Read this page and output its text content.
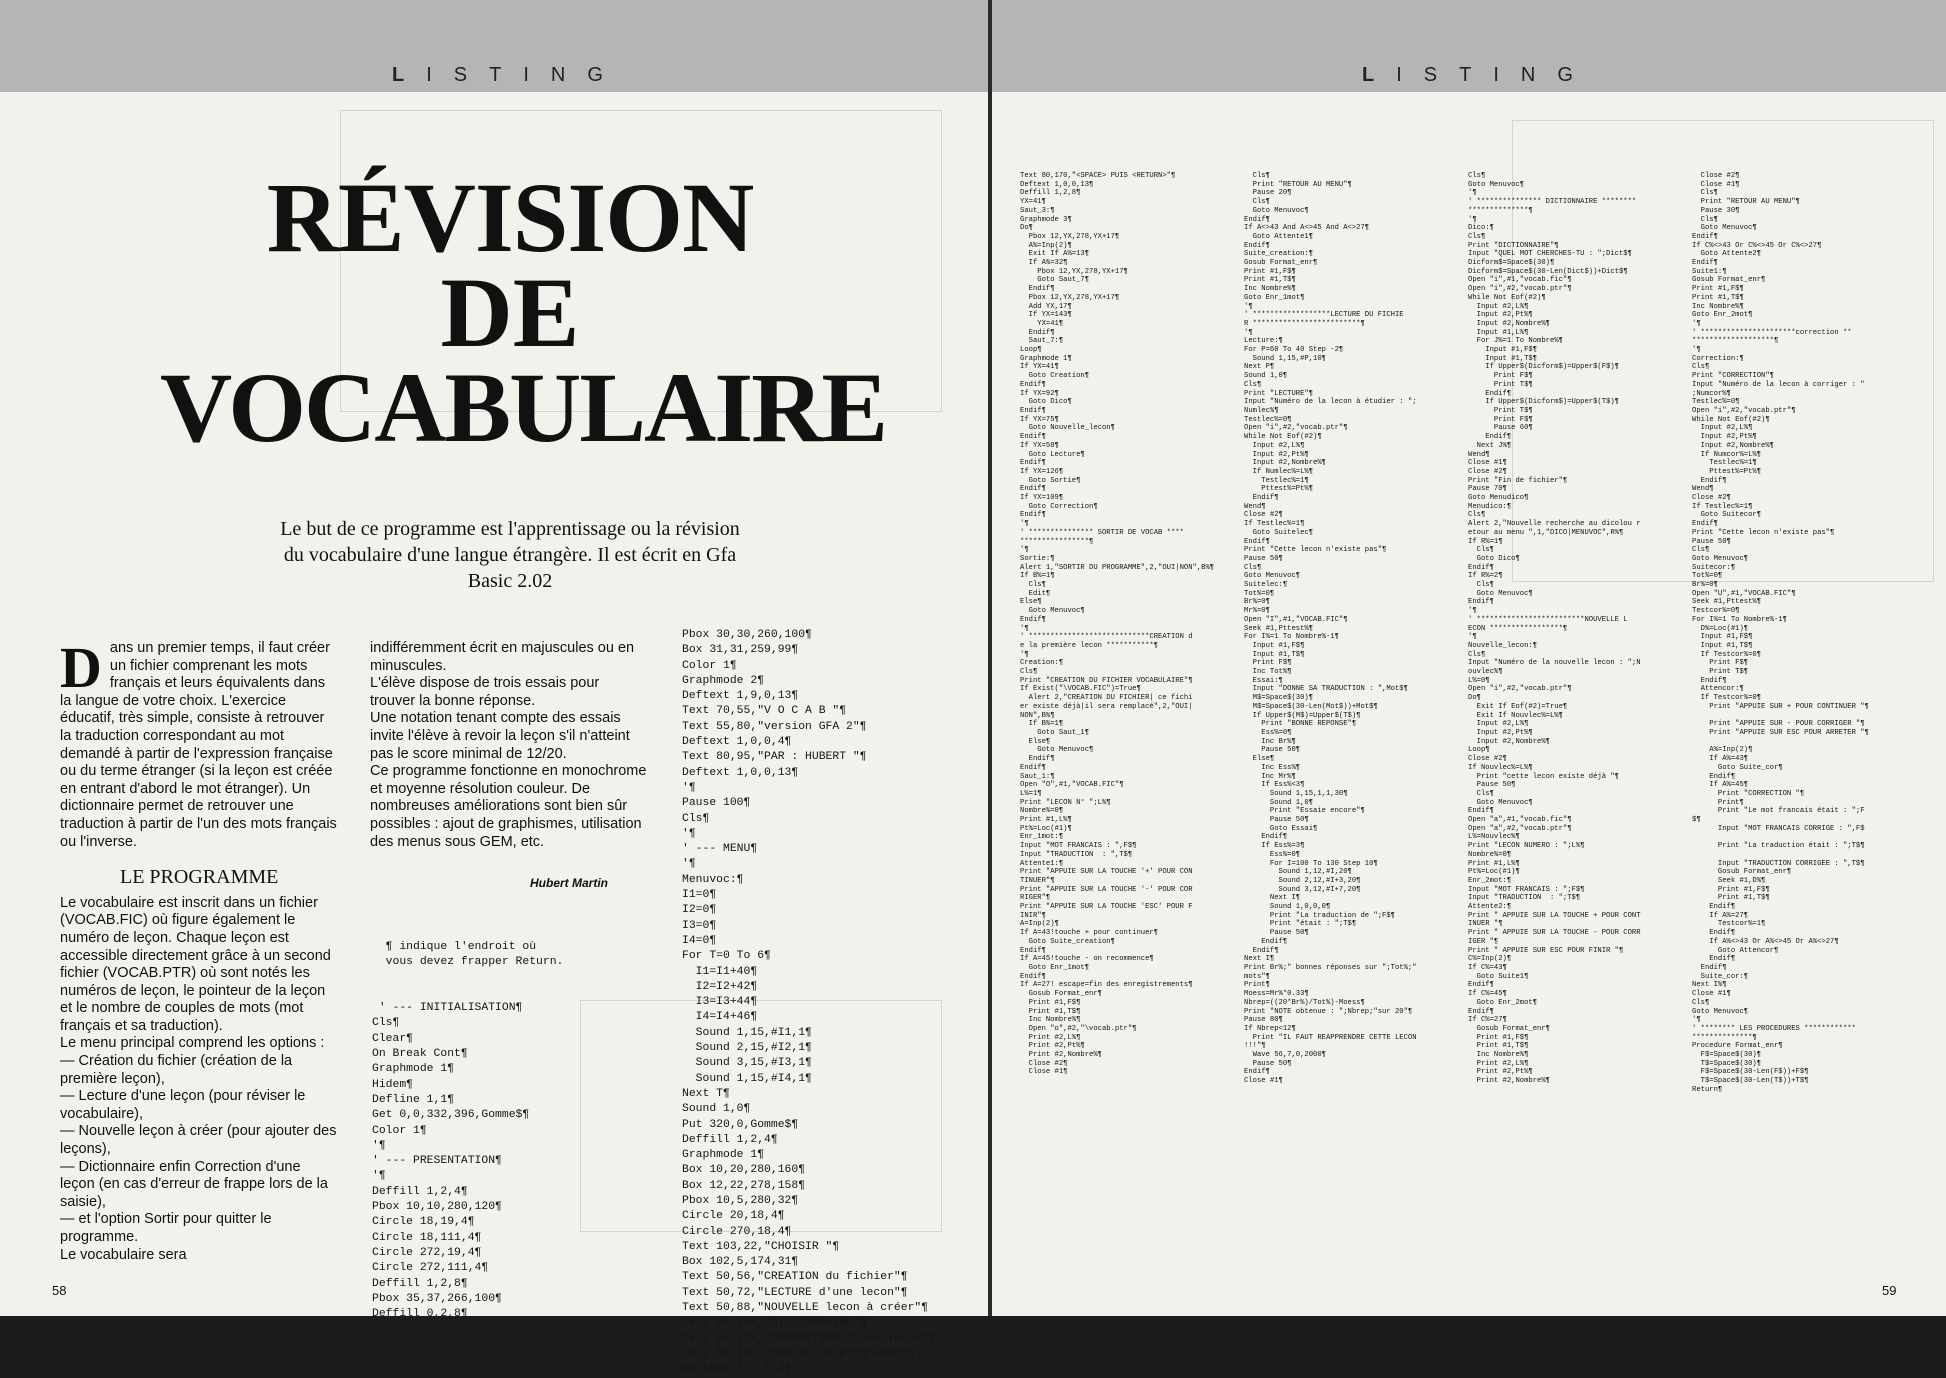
LISTING
RÉVISION
DE
VOCABULAIRE
Le but de ce programme est l'apprentissage ou la révision du vocabulaire d'une langue étrangère. Il est écrit en Gfa Basic 2.02

Dans un premier temps, il faut créer un fichier comprenant les mots français et leurs équivalents dans la langue de votre choix. L'exercice éducatif, très simple, consiste à retrouver la traduction correspondant au mot demandé à partir de l'expression française ou du terme étranger (si la leçon est créée en entrant d'abord le mot étranger). Un dictionnaire permet de retrouver une traduction à partir de l'un des mots français ou l'inverse.

LE PROGRAMME

Le vocabulaire est inscrit dans un fichier (VOCAB.FIC) où figure également le numéro de leçon. Chaque leçon est accessible directement grâce à un second fichier (VOCAB.PTR) où sont notés les numéros de leçon, le pointeur de la leçon et le nombre de couples de mots (mot français et sa traduction).

Le menu principal comprend les options :

— Création du fichier (création de la première leçon),

— Lecture d'une leçon (pour réviser le vocabulaire),

— Nouvelle leçon à créer (pour ajouter des leçons),

— Dictionnaire enfin Correction d'une leçon (en cas d'erreur de frappe lors de la saisie),

— et l'option Sortir pour quitter le programme.

Le vocabulaire sera

indifféremment écrit en majuscules ou en minuscules.

L'élève dispose de trois essais pour trouver la bonne réponse.

Une notation tenant compte des essais invite l'élève à revoir la leçon s'il n'atteint pas le score minimal de 12/20.

Ce programme fonctionne en monochrome et moyenne résolution couleur. De nombreuses améliorations sont bien sûr possibles : ajout de graphismes, utilisation des menus sous GEM, etc.

Hubert Martin
¶ indique l'endroit où
vous devez frapper Return.

' --- INITIALISATION¶
Cls¶
Clear¶
On Break Cont¶
Graphmode 1¶
Hidem¶
Defline 1,1¶
Get 0,0,332,396,Gomme$¶
Color 1¶
'¶
' --- PRESENTATION¶
'¶
Deffill 1,2,4¶
Pbox 10,10,280,120¶
Circle 18,19,4¶
Circle 18,111,4¶
Circle 272,19,4¶
Circle 272,111,4¶
Deffill 1,2,8¶
Pbox 35,37,266,100¶
Deffill 0,2,8¶
Pbox 30,30,260,100¶
Box 31,31,259,99¶
Color 1¶
Graphmode 2¶
Deftext 1,9,0,13¶
Text 70,55,"V O C A B "¶
Text 55,80,"version GFA 2"¶
Deftext 1,0,0,4¶
Text 80,95,"PAR : HUBERT "¶
Deftext 1,0,0,13¶
'¶
Pause 100¶
Cls¶
'¶
' --- MENU¶
'¶
Menuvoc:¶
I1=0¶
I2=0¶
I3=0¶
I4=0¶
For T=0 To 6¶
I1=I1+40¶
I2=I2+42¶
I3=I3+44¶
I4=I4+46¶
Sound 1,15,#I1,1¶
Sound 2,15,#I2,1¶
Sound 3,15,#I3,1¶
Sound 1,15,#I4,1¶
Next T¶
Sound 1,0¶
Put 320,0,Gomme$¶
Deffill 1,2,4¶
Graphmode 1¶
Box 10,20,280,160¶
Box 12,22,278,158¶
Pbox 10,5,280,32¶
Circle 20,18,4¶
Circle 270,18,4¶
Text 103,22,"CHOISIR "¶
Box 102,5,174,31¶
Text 50,56,"CREATION du fichier"¶
Text 50,72,"LECTURE d'une lecon"¶
Text 50,88,"NOUVELLE lecon à créer"¶
Text 50,106,"DICTIONNAIRE"¶
Text 50,124,"CORRECTION d'une lecon"¶
Text 50,140,"SORTIR du programme"¶
Deftext 1,0,0,4¶
58
LISTING
Text 80,170,"<SPACE> PUIS <RETURN>"¶
Deftext 1,0,0,13¶
Deffill 1,2,8¶
YX=41¶
Saut_3:¶
Graphmode 3¶
Do¶
Pbox 12,YX,278,YX+17¶
A%=Inp(2)¶
Exit If A%=13¶
If A%=32¶
Pbox 12,YX,278,YX+17¶
Goto Saut_7¶
Endif¶
Pbox 12,YX,278,YX+17¶
Add YX,17¶
If YX=143¶
YX=41¶
Endif¶
Saut_7:¶
Loop¶
Graphmode 1¶
If YX=41¶
Goto Creation¶
Endif¶
If YX=92¶
Goto Dico¶
Endif¶
If YX=75¶
Goto Nouvelle_lecon¶
Endif¶
If YX=58¶
Goto Lecture¶
Endif¶
If YX=126¶
Goto Sortie¶
Endif¶
If YX=109¶
Goto Correction¶
Endif¶
'¶
' *************** SORTIR DE VOCAB ****
****************¶
'¶
Sortie:¶
Alert 1,"SORTIR DU PROGRAMME",2,"OUI|NON",B%¶
If B%=1¶
Cls¶
Edit¶
Else¶
Goto Menuvoc¶
Endif¶
'¶
' ****************************CREATION d
e la première lecon ***********¶
'¶
Creation:¶
Cls¶
Print "CREATION DU FICHIER VOCABULAIRE"¶
If Exist("\VOCAB.FIC")=True¶
Alert 2,"CREATION DU FICHIER| ce fichi
er existe déjà|il sera remplacé",2,"OUI|
NON",B%¶
If B%=1¶
Goto Saut_1¶
Else¶
Goto Menuvoc¶
Endif¶
Endif¶
Saut_1:¶
Open "O",#1,"VOCAB.FIC"¶
L%=1¶
Print "LECON N° ";L%¶
Nombre%=0¶
Print #1,L%¶
Pt%=Loc(#1)¶
Enr_1mot:¶
Input "MOT FRANCAIS : ",F$¶
Input "TRADUCTION  : ",T$¶
Attente1:¶
Print "APPUIE SUR LA TOUCHE '+' POUR CON
TINUER"¶
Print "APPUIE SUR LA TOUCHE '-' POUR COR
RIGER"¶
Print "APPUIE SUR LA TOUCHE 'ESC' POUR F
INIR"¶
A=Inp(2)¶
If A=43!touche + pour continuer¶
Goto Suite_creation¶
Endif¶
If A=45!touche - on recommence¶
Goto Enr_1mot¶
Endif¶
If A=27! escape=fin des enregistrements¶
Gosub Format_enr¶
Print #1,F$¶
Print #1,T$¶
Inc Nombre%¶
Open "o",#2,"\vocab.ptr"¶
Print #2,L%¶
Print #2,Pt%¶
Print #2,Nombre%¶
Close #2¶
Close #1¶
Cls¶
Print "RETOUR AU MENU"¶
Pause 20¶
Cls¶
Goto Menuvoc¶
Endif¶
If A<>43 And A<>45 And A<>27¶
Goto Attente1¶
Endif¶
Suite_creation:¶
Gosub Format_enr¶
Print #1,F$¶
Print #1,T$¶
Inc Nombre%¶
Goto Enr_1mot¶
'¶
' ******************LECTURE DU FICHIE
R *************************¶
'¶
Lecture:¶
For P=60 To 40 Step -2¶
Sound 1,15,#P,10¶
Next P¶
Sound 1,0¶
Cls¶
Print "LECTURE"¶
Input "Numéro de la lecon à étudier : ";
Numlec%¶
Testlec%=0¶
Open "i",#2,"vocab.ptr"¶
While Not Eof(#2)¶
Input #2,L%¶
Input #2,Pt%¶
Input #2,Nombre%¶
If Numlec%=L%¶
Testlec%=1¶
Pttest%=Pt%¶
Endif¶
Wend¶
Close #2¶
If Testlec%=1¶
Goto Suitelec¶
Endif¶
Print "Cette lecon n'existe pas"¶
Pause 50¶
Cls¶
Goto Menuvoc¶
Suitelec:¶
Tot%=0¶
Br%=0¶
Mr%=0¶
Open "I",#1,"VOCAB.FIC"¶
Seek #1,Pttest%¶
For I%=1 To Nombre%-1¶
Input #1,F$¶
Input #1,T$¶
Print F$¶
Inc Tot%¶
Essai:¶
Input "DONNE SA TRADUCTION : ",Mot$¶
M$=Space$(30)¶
M$=Space$(30-Len(Mot$))+Mot$¶
If Upper$(M$)=Upper$(T$)¶
Print "BONNE REPONSE"¶
Ess%=0¶
Inc Br%¶
Pause 50¶
Else¶
Inc Ess%¶
Inc Mr%¶
If Ess%<3¶
Sound 1,15,1,1,30¶
Sound 1,0¶
Print "Essaie encore"¶
Pause 50¶
Goto Essai¶
Endif¶
If Ess%=3¶
Ess%=0¶
For I=100 To 130 Step 10¶
Sound 1,12,#I,20¶
Sound 2,12,#I+3,20¶
Sound 3,12,#I+7,20¶
Next I¶
Sound 1,0,0,0¶
Print "La traduction de ";F$¶
Print "était : ";T$¶
Pause 50¶
Endif¶
Endif¶
Next I¶
Print Br%;" bonnes réponses sur ";Tot%;"
mots"¶
Print¶
Moess=Mr%*0.33¶
Nbrep=((20*Br%)/Tot%)-Moess¶
Print "NOTE obtenue : ";Nbrep;"sur 20"¶
Pause 80¶
If Nbrep<12¶
Print "IL FAUT REAPPRENDRE CETTE LECON
!!!"¶
Wave 56,7,0,2000¶
Pause 50¶
Endif¶
Close #1¶
Cls¶
Goto Menuvoc¶
'¶
' *************** DICTIONNAIRE ********
**************¶
'¶
Dico:¶
Cls¶
Print "DICTIONNAIRE"¶
Input "QUEL MOT CHERCHES-TU : ";Dict$¶
Dicform$=Space$(30)¶
Dicform$=Space$(30-Len(Dict$))+Dict$¶
Open "i",#1,"vocab.fic"¶
Open "i",#2,"vocab.ptr"¶
While Not Eof(#2)¶
Input #2,L%¶
Input #2,Pt%¶
Input #2,Nombre%¶
Input #1,L%¶
For J%=1 To Nombre%¶
Input #1,F$¶
Input #1,T$¶
If Upper$(Dicform$)=Upper$(F$)¶
Print F$¶
Print T$¶
Endif¶
If Upper$(Dicform$)=Upper$(T$)¶
Print T$¶
Print F$¶
Pause 60¶
Endif¶
Next J%¶
Wend¶
Close #1¶
Close #2¶
Print "Fin de fichier"¶
Pause 70¶
Goto Menudico¶
Menudico:¶
Cls¶
Alert 2,"Nouvelle recherche au dicolou r
etour au menu ",1,"DICO|MENUVOC",R%¶
If R%=1¶
Cls¶
Goto Dico¶
Endif¶
If R%=2¶
Cls¶
Goto Menuvoc¶
Endif¶
'¶
' *************************NOUVELLE L
ECON *****************¶
'¶
Nouvelle_lecon:¶
Cls¶
Input "Numéro de la nouvelle lecon : ";N
ouvlec%¶
L%=0¶
Open "i",#2,"vocab.ptr"¶
Do¶
Exit If Eof(#2)=True¶
Exit If Nouvlec%=L%¶
Input #2,L%¶
Input #2,Pt%¶
Input #2,Nombre%¶
Loop¶
Close #2¶
If Nouvlec%=L%¶
Print "cette lecon existe déjà "¶
Pause 50¶
Cls¶
Goto Menuvoc¶
Endif¶
Open "a",#1,"vocab.fic"¶
Open "a",#2,"vocab.ptr"¶
L%=Nouvlec%¶
Print "LECON NUMERO : ";L%¶
Nombre%=0¶
Print #1,L%¶
Pt%=Loc(#1)¶
Enr_2mot:¶
Input "MOT FRANCAIS : ";F$¶
Input "TRADUCTION  : ";T$¶
Attente2:¶
Print " APPUIE SUR LA TOUCHE + POUR CONT
INUER "¶
Print " APPUIE SUR LA TOUCHE - POUR CORR
IGER "¶
Print " APPUIE SUR ESC POUR FINIR "¶
C%=Inp(2)¶
If C%=43¶
Goto Suite1¶
Endif¶
If C%=45¶
Goto Enr_2mot¶
Endif¶
If C%=27¶
Gosub Format_enr¶
Print #1,F$¶
Print #1,T$¶
Inc Nombre%¶
Print #2,L%¶
Print #2,Pt%¶
Print #2,Nombre%¶
Close #2¶
Close #1¶
Cls¶
Print "RETOUR AU MENU"¶
Pause 30¶
Cls¶
Goto Menuvoc¶
Endif¶
If C%<>43 Or C%<>45 Or C%<>27¶
Goto Attente2¶
Endif¶
Suite1:¶
Gosub Format_enr¶
Print #1,F$¶
Print #1,T$¶
Inc Nombre%¶
Goto Enr_2mot¶
'¶
' **********************correction **
*******************¶
'¶
Correction:¶
Cls¶
Print "CORRECTION"¶
Input "Numéro de la lecon à corriger : "
;Numcor%¶
Testlec%=0¶
Open "i",#2,"vocab.ptr"¶
While Not Eof(#2)¶
Input #2,L%¶
Input #2,Pt%¶
Input #2,Nombre%¶
If Numcor%=L%¶
Testlec%=1¶
Pttest%=Pt%¶
Endif¶
Wend¶
Close #2¶
If Testlec%=1¶
Goto Suitecor¶
Endif¶
Print "Cette lecon n'existe pas"¶
Pause 50¶
Cls¶
Goto Menuvoc¶
Suitecor:¶
Tot%=0¶
Br%=0¶
Open "U",#1,"VOCAB.FIC"¶
Seek #1,Pttest%¶
Testcor%=0¶
For I%=1 To Nombre%-1¶
D%=Loc(#1)¶
Input #1,F$¶
Input #1,T$¶
If Testcor%=0¶
Print F$¶
Print T$¶
Endif¶
Attencor:¶
If Testcor%=0¶
Print "APPUIE SUR + POUR CONTINUER "¶

Print "APPUIE SUR - POUR CORRIGER "¶
Print "APPUIE SUR ESC POUR ARRETER "¶

A%=Inp(2)¶
If A%=43¶
Goto Suite_cor¶
Endif¶
If A%=45¶
Print "CORRECTION "¶
Print¶
Print "Le mot francais était : ";F
$¶
Input "MOT FRANCAIS CORRIGE : ",F$

Print "La traduction était : ";T$¶

Input "TRADUCTION CORRIGEE : ",T$¶
Gosub Format_enr¶
Seek #1,D%¶
Print #1,F$¶
Print #1,T$¶
Endif¶
If A%=27¶
Testcor%=1¶
Endif¶
If A%<>43 Or A%<>45 Or A%<>27¶
Goto Attencor¶
Endif¶
Endif¶
Suite_cor:¶
Next I%¶
Close #1¶
Cls¶
Goto Menuvoc¶
'¶
' ******** LES PROCEDURES ************
**************¶
Procedure Format_enr¶
F$=Space$(30)¶
T$=Space$(30)¶
F$=Space$(30-Len(F$))+F$¶
T$=Space$(30-Len(T$))+T$¶
Return¶
59
